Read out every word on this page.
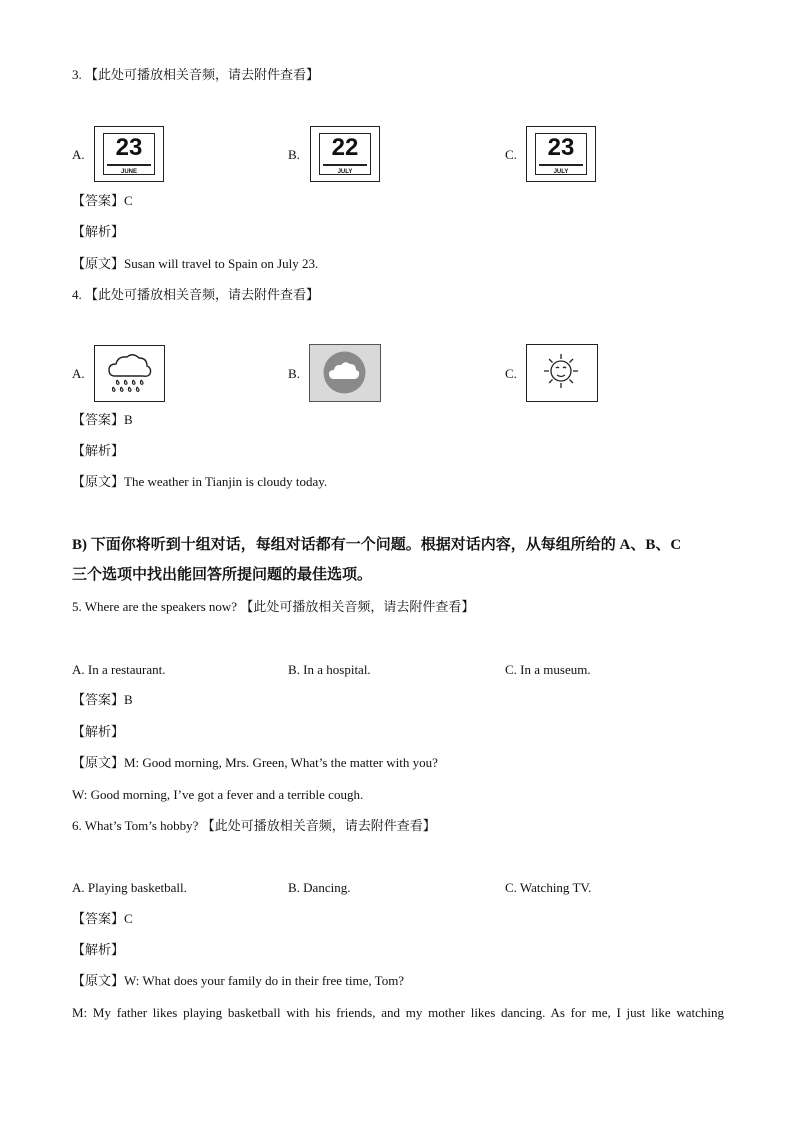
3. 【此处可播放相关音频，请去附件查看】
A.	23
JUNE
B.	22
JULY
C.	23
JULY
【答案】C
【解析】
【原文】Susan will travel to Spain on July 23.
4. 【此处可播放相关音频，请去附件查看】
A.	B.	C.
【答案】B
【解析】
【原文】The weather in Tianjin is cloudy today.
B) 下面你将听到十组对话，每组对话都有一个问题。根据对话内容，从每组所给的 A、B、C
三个选项中找出能回答所提问题的最佳选项。
5. Where are the speakers now? 【此处可播放相关音频，请去附件查看】
A. In a restaurant.	B. In a hospital.	C. In a museum.
【答案】B
【解析】
【原文】M: Good morning, Mrs. Green, What’s the matter with you?
W: Good morning, I’ve got a fever and a terrible cough.
6. What’s Tom’s hobby? 【此处可播放相关音频，请去附件查看】
A. Playing basketball.	B. Dancing.	C. Watching TV.
【答案】C
【解析】
【原文】W: What does your family do in their free time, Tom?
M: My father likes playing basketball with his friends, and my mother likes dancing. As for me, I just like watching
